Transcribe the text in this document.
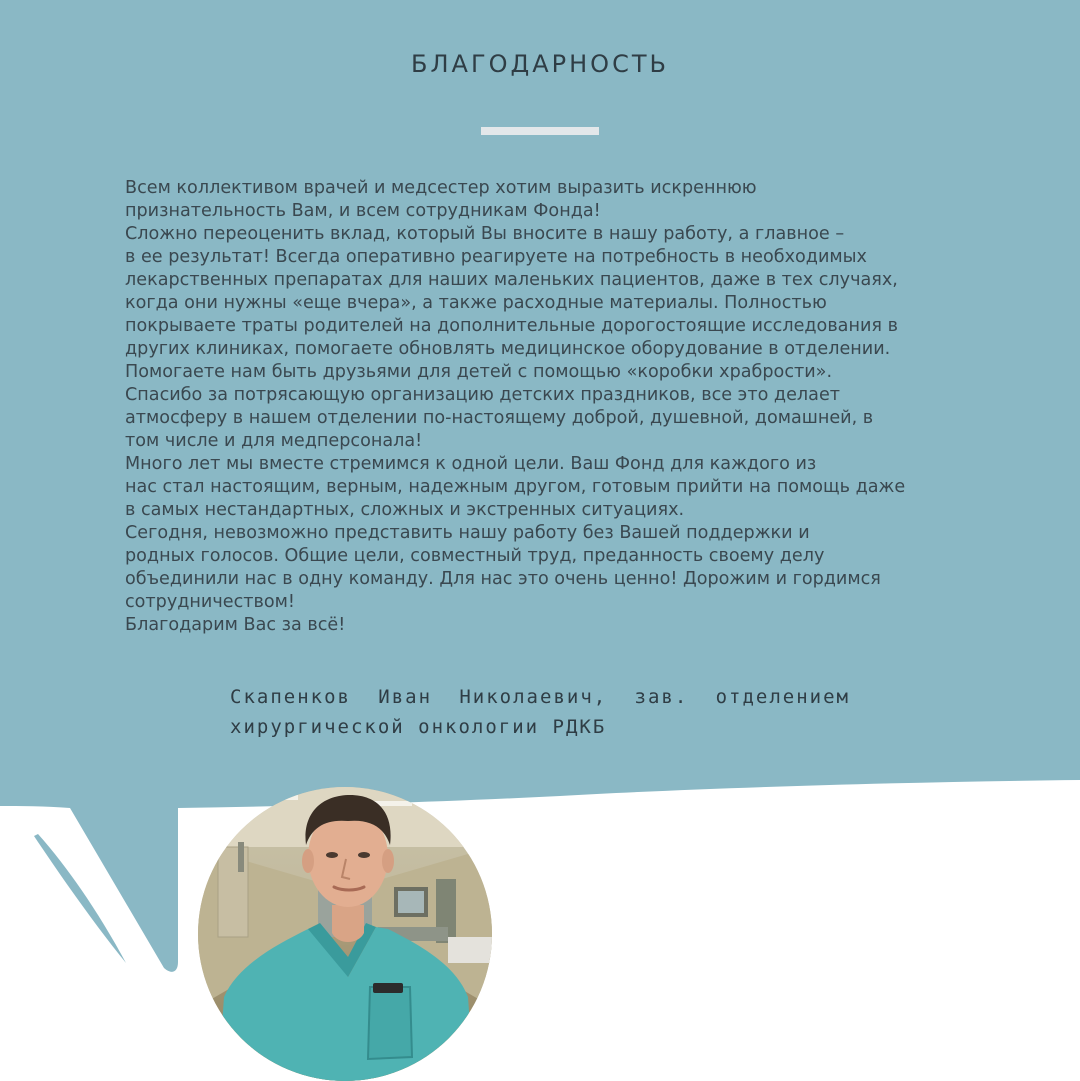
БЛАГОДАРНОСТЬ

Всем коллективом врачей и медсестер хотим выразить искреннюю

признательность Вам, и всем сотрудникам Фонда!

Сложно переоценить вклад, который Вы вносите в нашу работу, а главное –

в ее результат! Всегда оперативно реагируете на потребность в необходимых

лекарственных препаратах для наших маленьких пациентов, даже в тех случаях,

когда они нужны «еще вчера», а также расходные материалы. Полностью

покрываете траты родителей на дополнительные дорогостоящие исследования в

других клиниках, помогаете обновлять медицинское оборудование в отделении.

Помогаете нам быть друзьями для детей с помощью «коробки храбрости».

Спасибо за потрясающую организацию детских праздников, все это делает

атмосферу в нашем отделении по-настоящему доброй, душевной, домашней, в

том числе и для медперсонала!

Много лет мы вместе стремимся к одной цели. Ваш Фонд для каждого из

нас стал настоящим, верным, надежным другом, готовым прийти на помощь даже

в самых нестандартных, сложных и экстренных ситуациях.

Сегодня, невозможно представить нашу работу без Вашей поддержки и

родных голосов. Общие цели, совместный труд, преданность своему делу

объединили нас в одну команду. Для нас это очень ценно! Дорожим и гордимся

сотрудничеством!

Благодарим Вас за всё!

Скапенков Иван Николаевич, зав. отделением хирургической онкологии РДКБ
